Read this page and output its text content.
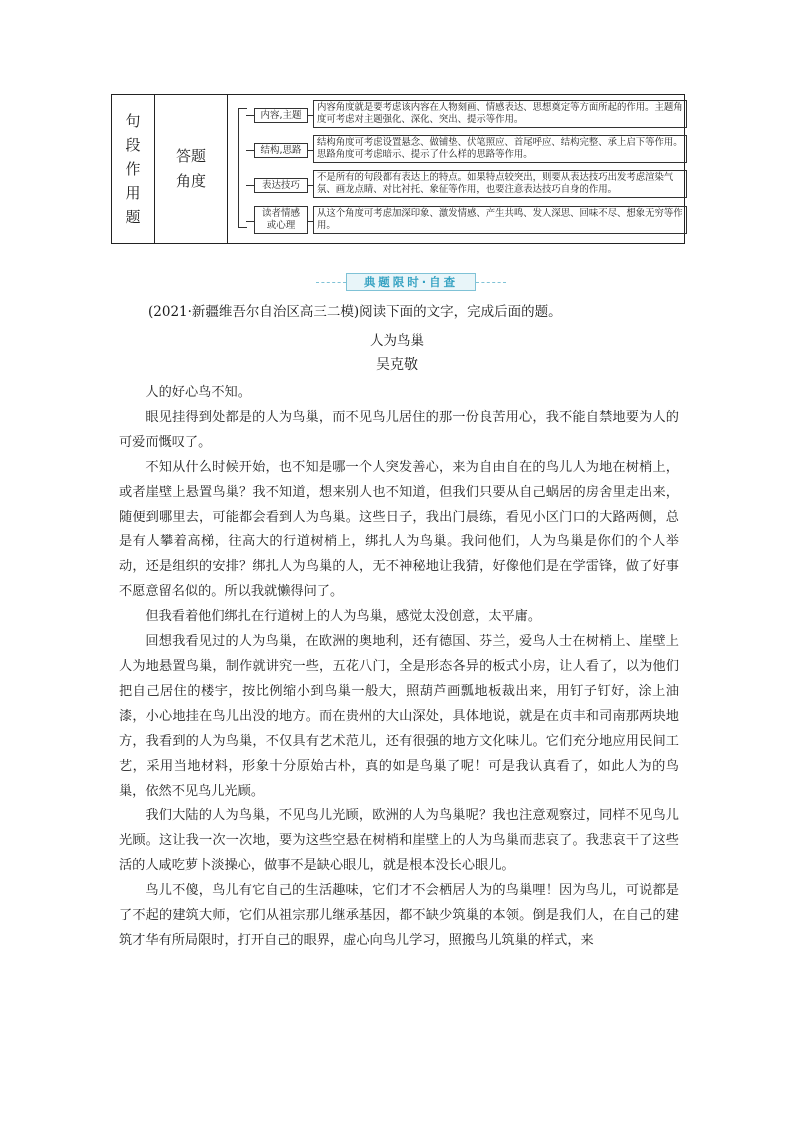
句
段
作
用
题
答题
角度
内容,主题
内容角度就是要考虑该内容在人物刻画、情感表达、思想奠定等方面所起的作用。主题角度可考虑对主题强化、深化、突出、提示等作用。
结构,思路
结构角度可考虑设置悬念、做铺垫、伏笔照应、首尾呼应、结构完整、承上启下等作用。思路角度可考虑暗示、提示了什么样的思路等作用。
表达技巧
不是所有的句段都有表达上的特点。如果特点较突出，则要从表达技巧出发考虑渲染气氛、画龙点睛、对比衬托、象征等作用，也要注意表达技巧自身的作用。
读者情感或心理
从这个角度可考虑加深印象、激发情感、产生共鸣、发人深思、回味不尽、想象无穷等作用。
典题限时·自查
(2021·新疆维吾尔自治区高三二模)阅读下面的文字，完成后面的题。
人为鸟巢
吴克敬

人的好心鸟不知。

眼见挂得到处都是的人为鸟巢，而不见鸟儿居住的那一份良苦用心，我不能自禁地要为人的可爱而慨叹了。

不知从什么时候开始，也不知是哪一个人突发善心，来为自由自在的鸟儿人为地在树梢上，或者崖壁上悬置鸟巢？我不知道，想来别人也不知道，但我们只要从自己蜗居的房舍里走出来，随便到哪里去，可能都会看到人为鸟巢。这些日子，我出门晨练，看见小区门口的大路两侧，总是有人攀着高梯，往高大的行道树梢上，绑扎人为鸟巢。我问他们，人为鸟巢是你们的个人举动，还是组织的安排？绑扎人为鸟巢的人，无不神秘地让我猜，好像他们是在学雷锋，做了好事不愿意留名似的。所以我就懒得问了。

但我看着他们绑扎在行道树上的人为鸟巢，感觉太没创意，太平庸。

回想我看见过的人为鸟巢，在欧洲的奥地利，还有德国、芬兰，爱鸟人士在树梢上、崖壁上人为地悬置鸟巢，制作就讲究一些，五花八门，全是形态各异的板式小房，让人看了，以为他们把自己居住的楼宇，按比例缩小到鸟巢一般大，照葫芦画瓢地板裁出来，用钉子钉好，涂上油漆，小心地挂在鸟儿出没的地方。而在贵州的大山深处，具体地说，就是在贞丰和司南那两块地方，我看到的人为鸟巢，不仅具有艺术范儿，还有很强的地方文化味儿。它们充分地应用民间工艺，采用当地材料，形象十分原始古朴，真的如是鸟巢了呢！可是我认真看了，如此人为的鸟巢，依然不见鸟儿光顾。

我们大陆的人为鸟巢，不见鸟儿光顾，欧洲的人为鸟巢呢？我也注意观察过，同样不见鸟儿光顾。这让我一次一次地，要为这些空悬在树梢和崖壁上的人为鸟巢而悲哀了。我悲哀干了这些活的人咸吃萝卜淡操心，做事不是缺心眼儿，就是根本没长心眼儿。

鸟儿不傻，鸟儿有它自己的生活趣味，它们才不会栖居人为的鸟巢哩！因为鸟儿，可说都是了不起的建筑大师，它们从祖宗那儿继承基因，都不缺少筑巢的本领。倒是我们人，在自己的建筑才华有所局限时，打开自己的眼界，虚心向鸟儿学习，照搬鸟儿筑巢的样式，来
